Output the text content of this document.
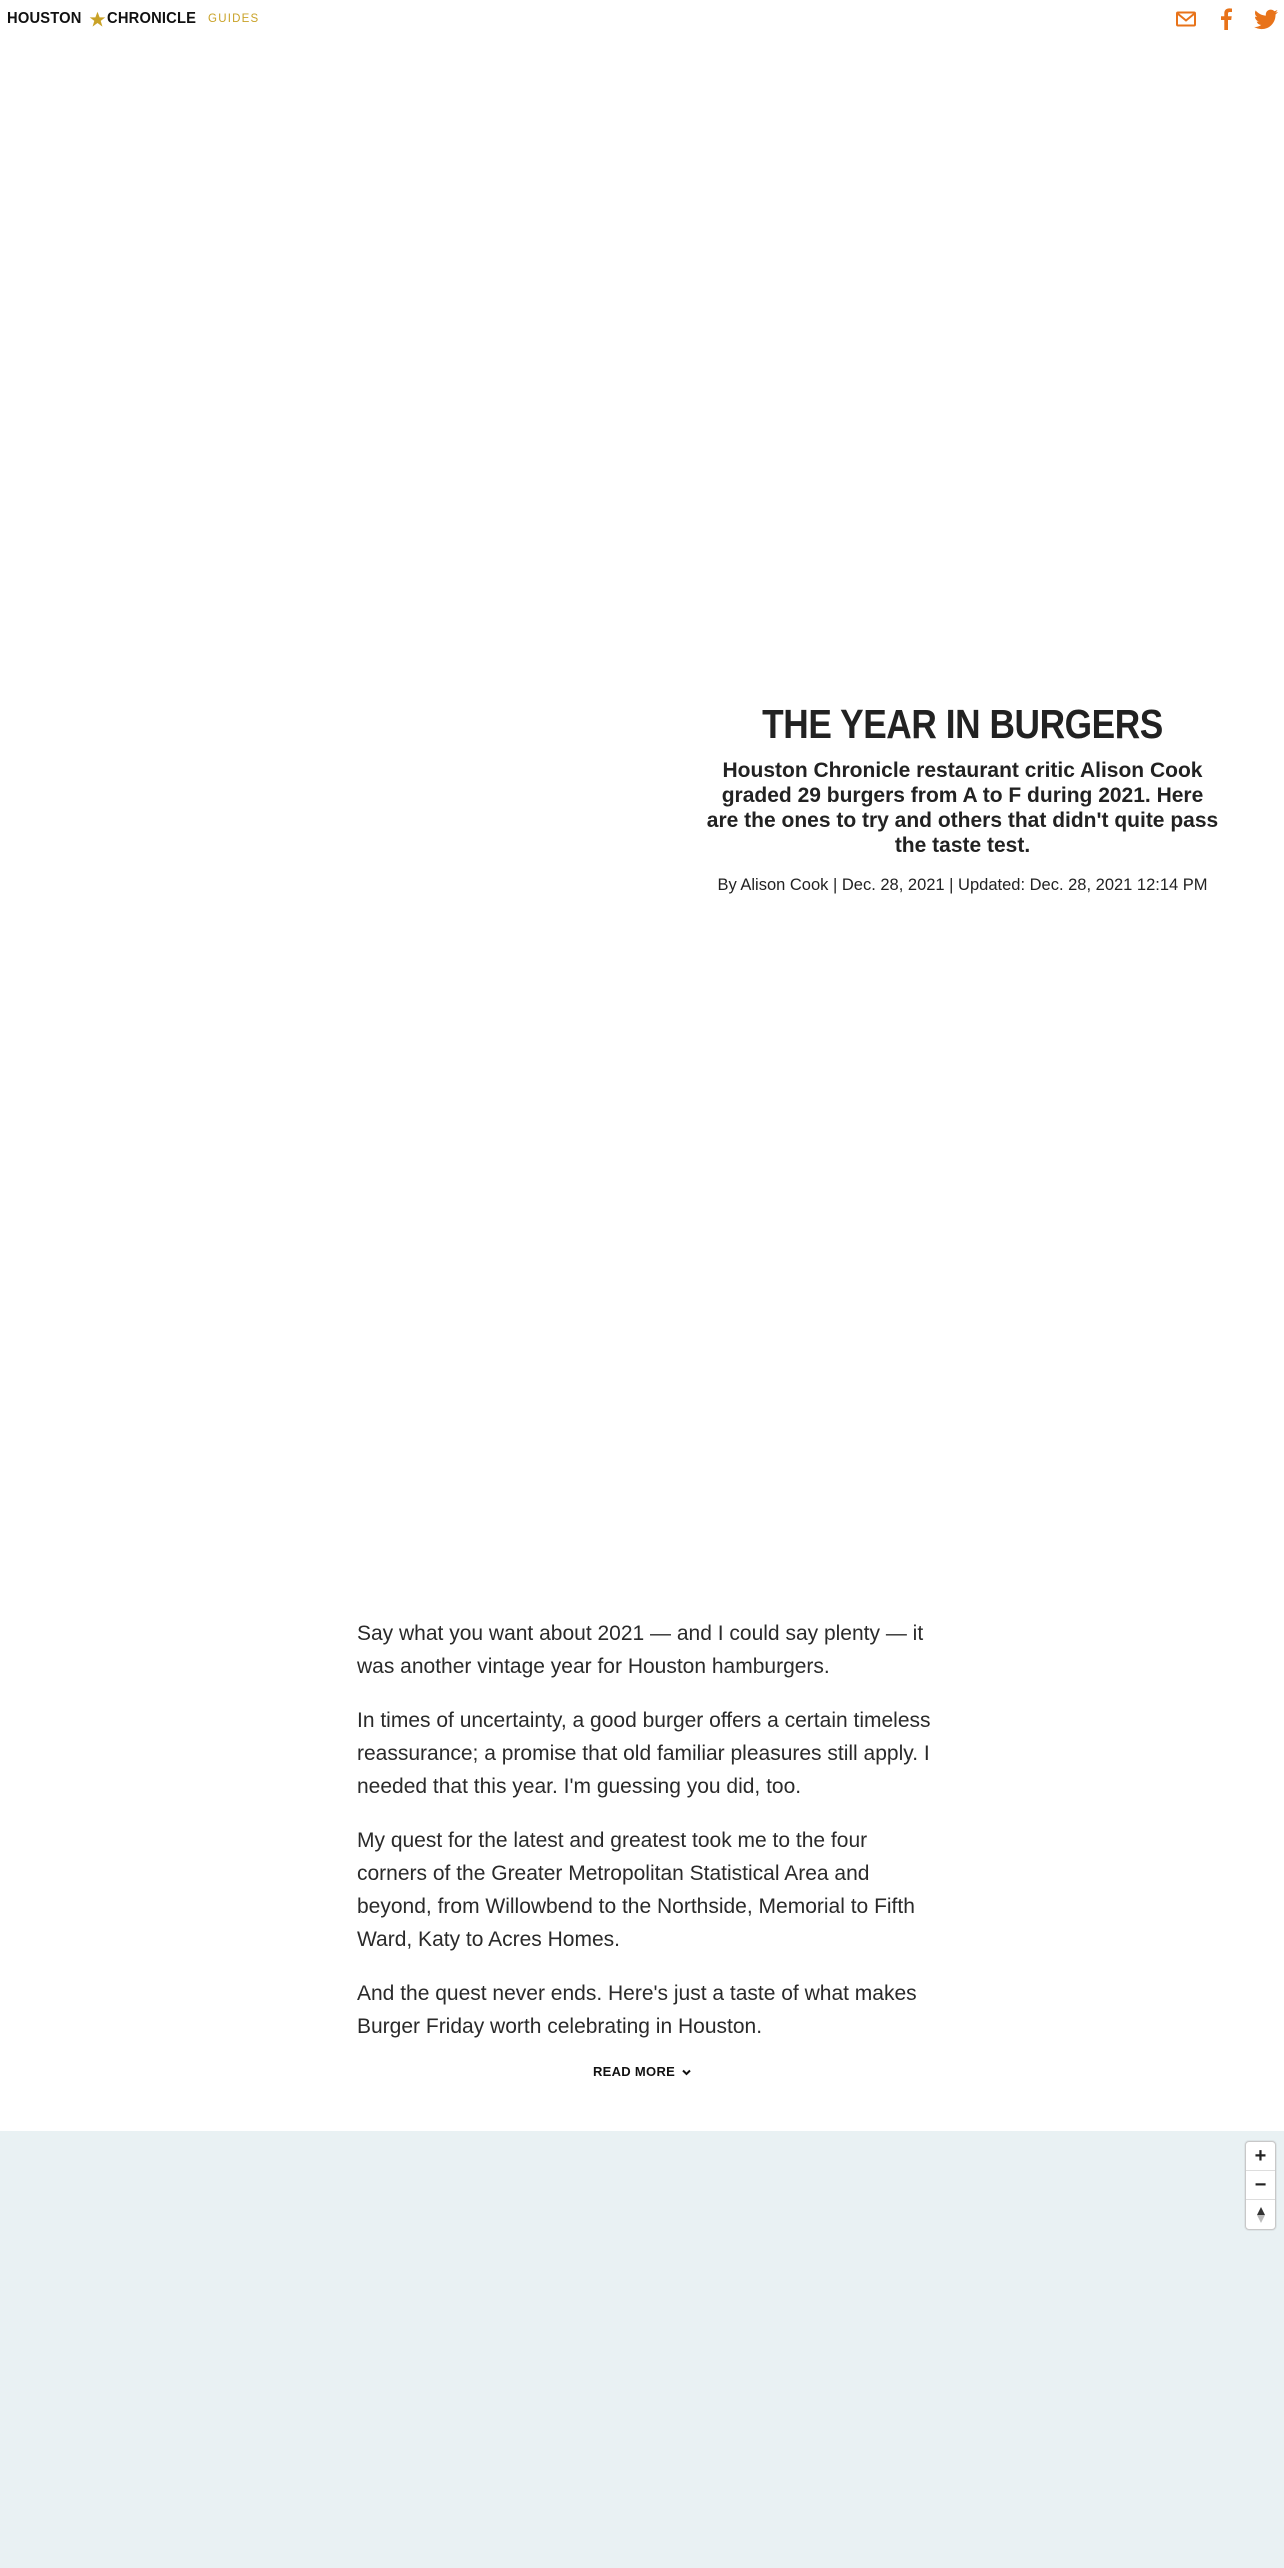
HOUSTON CHRONICLE GUIDES
THE YEAR IN BURGERS

Houston Chronicle restaurant critic Alison Cook graded 29 burgers from A to F during 2021. Here are the ones to try and others that didn't quite pass the taste test.

By Alison Cook | Dec. 28, 2021 | Updated: Dec. 28, 2021 12:14 PM

Say what you want about 2021 — and I could say plenty — it was another vintage year for Houston hamburgers.

In times of uncertainty, a good burger offers a certain timeless reassurance; a promise that old familiar pleasures still apply. I needed that this year. I'm guessing you did, too.

My quest for the latest and greatest took me to the four corners of the Greater Metropolitan Statistical Area and beyond, from Willowbend to the Northside, Memorial to Fifth Ward, Katy to Acres Homes.

And the quest never ends. Here's just a taste of what makes Burger Friday worth celebrating in Houston.

READ MORE
+
−
